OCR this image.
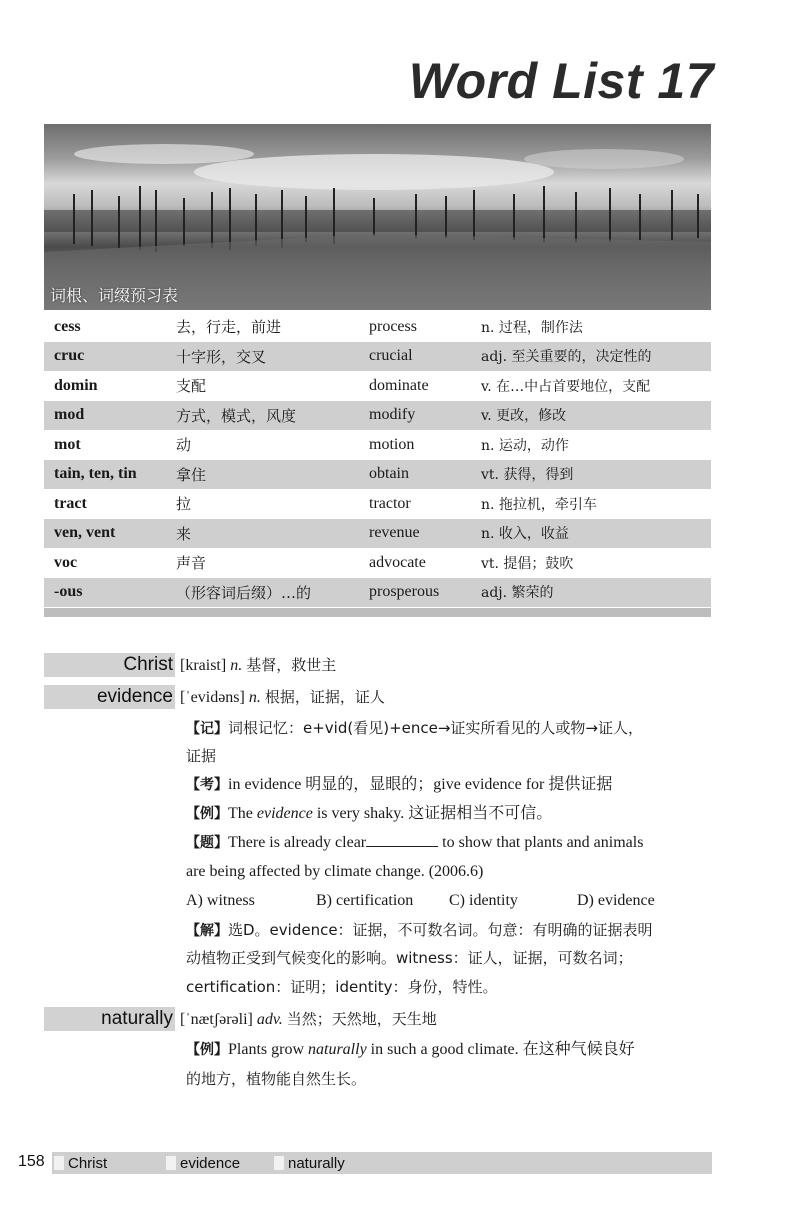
Word List 17
词根、词缀预习表
cess	去，行走，前进	process	n. 过程，制作法
cruc	十字形，交叉	crucial	adj. 至关重要的，决定性的
domin	支配	dominate	v. 在…中占首要地位，支配
mod	方式，模式，风度	modify	v. 更改，修改
mot	动	motion	n. 运动，动作
tain, ten, tin	拿住	obtain	vt. 获得，得到
tract	拉	tractor	n. 拖拉机，牵引车
ven, vent	来	revenue	n. 收入，收益
voc	声音	advocate	vt. 提倡；鼓吹
-ous	（形容词后缀）…的	prosperous	adj. 繁荣的
Christ [kraist] n. 基督，救世主
evidence [ˈevidəns] n. 根据，证据，证人
【记】词根记忆：e+vid(看见)+ence→证实所看见的人或物→证人，
证据
【考】in evidence 明显的，显眼的；give evidence for 提供证据
【例】The evidence is very shaky. 这证据相当不可信。
【题】There is already clear	to show that plants and animals
are being affected by climate change. (2006.6)
A) witness	B) certification C) identity	D) evidence
【解】选D。evidence：证据，不可数名词。句意：有明确的证据表明
动植物正受到气候变化的影响。witness：证人，证据，可数名词；
certification：证明；identity：身份，特性。
naturally [ˈnætʃərəli] adv. 当然；天然地，天生地
【例】Plants grow naturally in such a good climate. 在这种气候良好
的地方，植物能自然生长。
158	Christ	evidence	naturally
